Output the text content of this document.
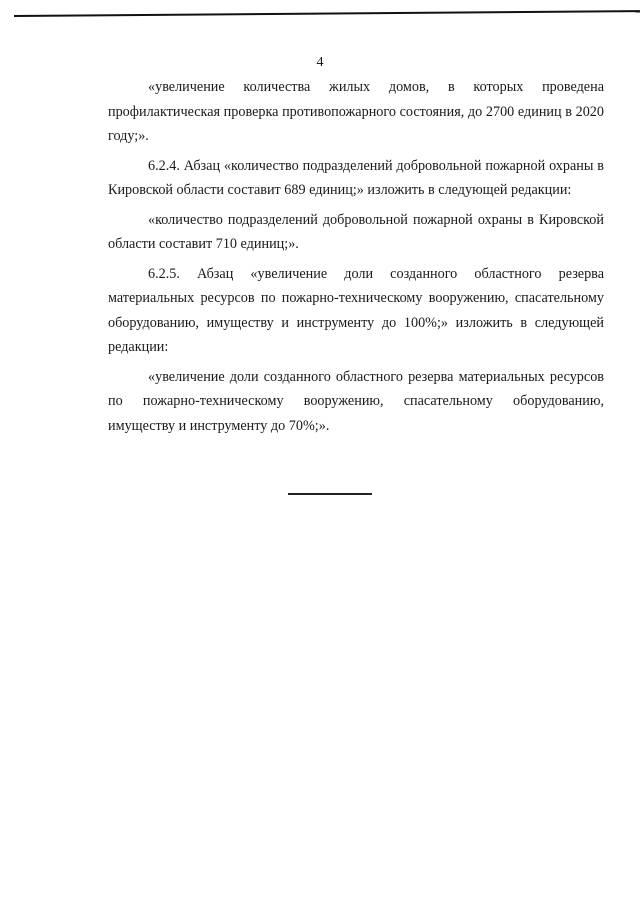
4

«увеличение количества жилых домов, в которых проведена профилактическая проверка противопожарного состояния, до 2700 единиц в 2020 году;».

6.2.4. Абзац «количество подразделений добровольной пожарной охраны в Кировской области составит 689 единиц;» изложить в следующей редакции:

«количество подразделений добровольной пожарной охраны в Кировской области составит 710 единиц;».

6.2.5. Абзац «увеличение доли созданного областного резерва материальных ресурсов по пожарно-техническому вооружению, спасательному оборудованию, имуществу и инструменту до 100%;» изложить в следующей редакции:

«увеличение доли созданного областного резерва материальных ресурсов по пожарно-техническому вооружению, спасательному оборудованию, имуществу и инструменту до 70%;».
